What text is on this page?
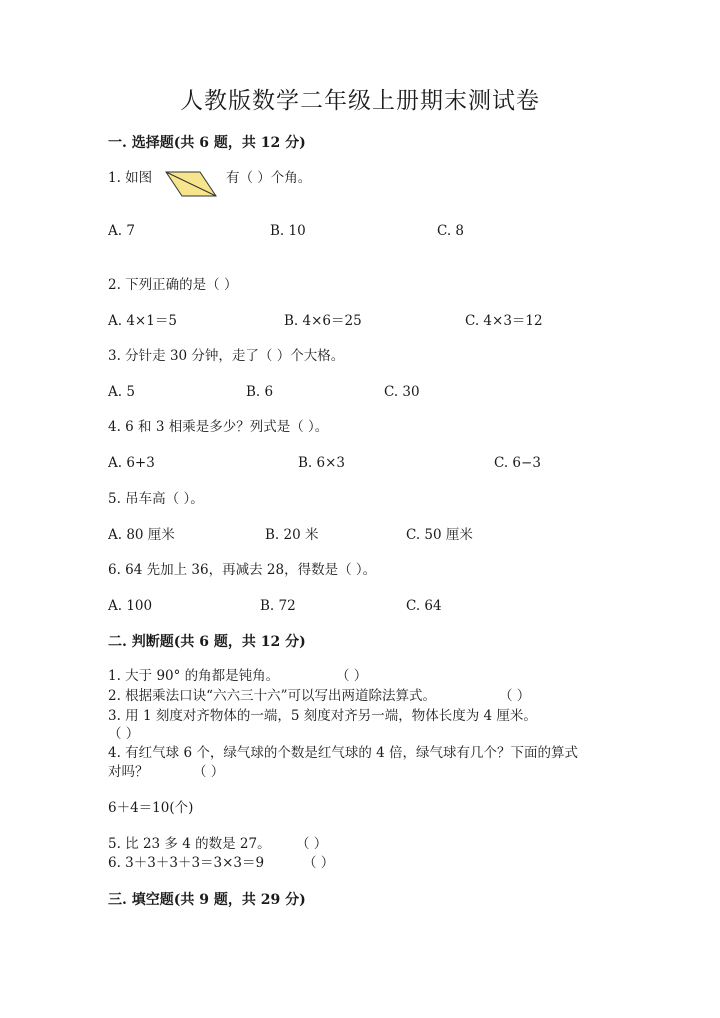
人教版数学二年级上册期末测试卷
一. 选择题(共 6 题，共 12 分)
1. 如图	有（ ）个角。
A. 7	B. 10	C. 8
2. 下列正确的是（ ）
A. 4×1＝5	B. 4×6＝25	C. 4×3＝12
3. 分针走 30 分钟，走了（ ）个大格。
A. 5	B. 6	C. 30
4. 6 和 3 相乘是多少？列式是（ ）。
A. 6+3	B. 6×3	C. 6−3
5. 吊车高（ ）。
A. 80 厘米	B. 20 米	C. 50 厘米
6. 64 先加上 36，再减去 28，得数是（ ）。
A. 100	B. 72	C. 64
二. 判断题(共 6 题，共 12 分)
1. 大于 90° 的角都是钝角。	（ ）
2. 根据乘法口诀“六六三十六”可以写出两道除法算式。	（ ）
3. 用 1 刻度对齐物体的一端，5 刻度对齐另一端，物体长度为 4 厘米。
（ ）
4. 有红气球 6 个，绿气球的个数是红气球的 4 倍，绿气球有几个？下面的算式
对吗？	（ ）
6＋4＝10(个)
5. 比 23 多 4 的数是 27。 （ ）
6. 3＋3＋3＋3＝3×3＝9	（ ）
三. 填空题(共 9 题，共 29 分)
